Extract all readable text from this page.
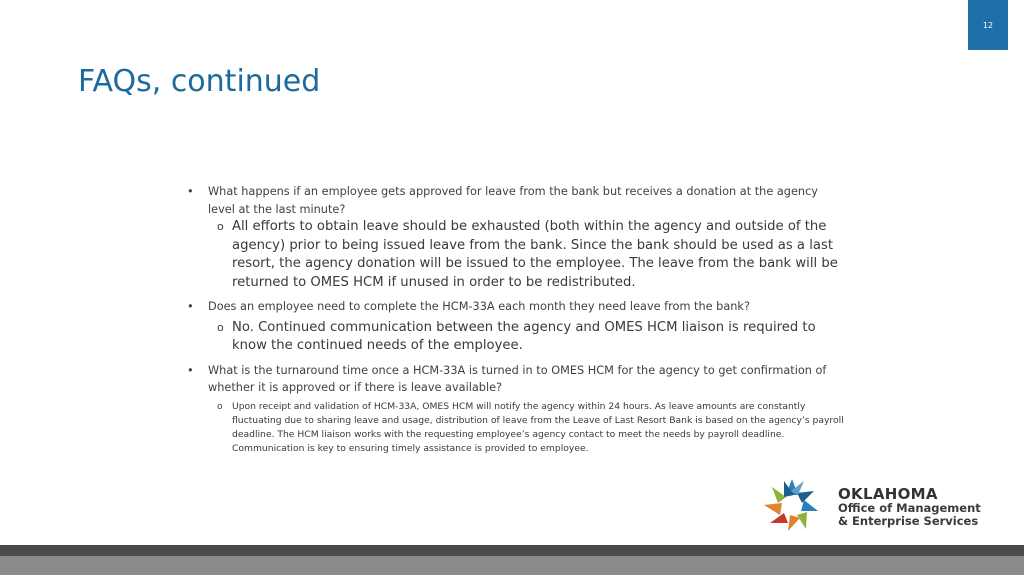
12
FAQs, continued

• What happens if an employee gets approved for leave from the bank but receives a donation at the agency level at the last minute?

o All efforts to obtain leave should be exhausted (both within the agency and outside of the agency) prior to being issued leave from the bank. Since the bank should be used as a last resort, the agency donation will be issued to the employee. The leave from the bank will be returned to OMES HCM if unused in order to be redistributed.

• Does an employee need to complete the HCM-33A each month they need leave from the bank?

o No. Continued communication between the agency and OMES HCM liaison is required to know the continued needs of the employee.

• What is the turnaround time once a HCM-33A is turned in to OMES HCM for the agency to get confirmation of whether it is approved or if there is leave available?

o Upon receipt and validation of HCM-33A, OMES HCM will notify the agency within 24 hours. As leave amounts are constantly fluctuating due to sharing leave and usage, distribution of leave from the Leave of Last Resort Bank is based on the agency’s payroll deadline. The HCM liaison works with the requesting employee’s agency contact to meet the needs by payroll deadline. Communication is key to ensuring timely assistance is provided to employee.

OKLAHOMA
Office of Management
& Enterprise Services
